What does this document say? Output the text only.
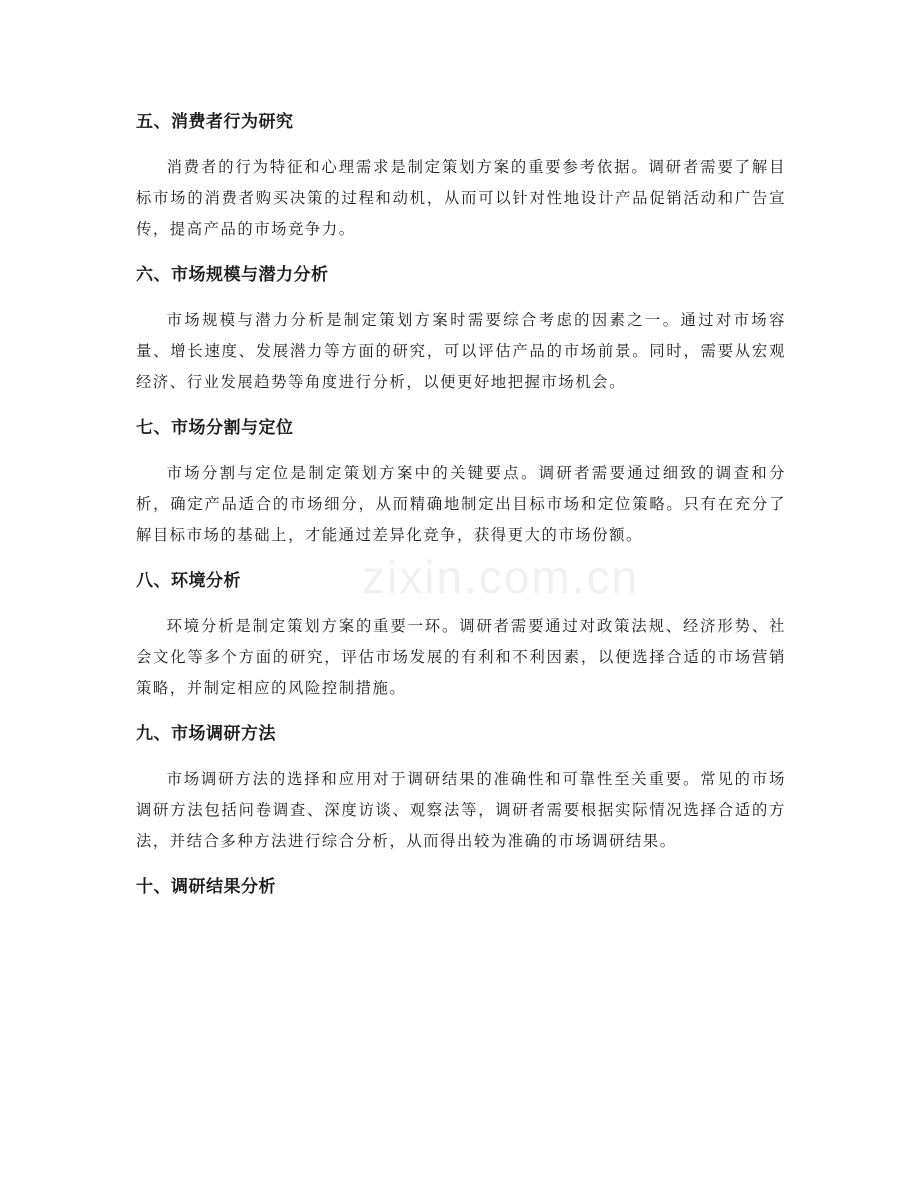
zixin.com.cn
五、消费者行为研究

消费者的行为特征和心理需求是制定策划方案的重要参考依据。调研者需要了解目标市场的消费者购买决策的过程和动机，从而可以针对性地设计产品促销活动和广告宣传，提高产品的市场竞争力。

六、市场规模与潜力分析

市场规模与潜力分析是制定策划方案时需要综合考虑的因素之一。通过对市场容量、增长速度、发展潜力等方面的研究，可以评估产品的市场前景。同时，需要从宏观经济、行业发展趋势等角度进行分析，以便更好地把握市场机会。

七、市场分割与定位

市场分割与定位是制定策划方案中的关键要点。调研者需要通过细致的调查和分析，确定产品适合的市场细分，从而精确地制定出目标市场和定位策略。只有在充分了解目标市场的基础上，才能通过差异化竞争，获得更大的市场份额。

八、环境分析

环境分析是制定策划方案的重要一环。调研者需要通过对政策法规、经济形势、社会文化等多个方面的研究，评估市场发展的有利和不利因素，以便选择合适的市场营销策略，并制定相应的风险控制措施。

九、市场调研方法

市场调研方法的选择和应用对于调研结果的准确性和可靠性至关重要。常见的市场调研方法包括问卷调查、深度访谈、观察法等，调研者需要根据实际情况选择合适的方法，并结合多种方法进行综合分析，从而得出较为准确的市场调研结果。

十、调研结果分析
